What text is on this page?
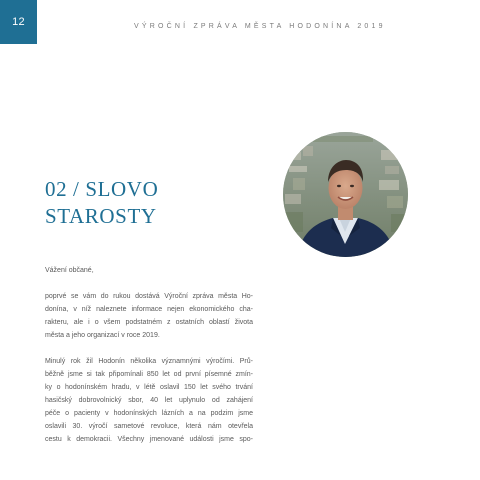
12	VÝROČNÍ ZPRÁVA MĚSTA HODONÍNA 2019
02 / SLOVO
STAROSTY

Vážení občané,

poprvé se vám do rukou dostává Výroční zpráva města Ho-
donína, v níž naleznete informace nejen ekonomického cha-
rakteru, ale i o všem podstatném z ostatních oblastí života
města a jeho organizací v roce 2019.
Minulý rok žil Hodonín několika významnými výročími. Prů-
běžně jsme si tak připomínali 850 let od první písemné zmín-
ky o hodonínském hradu, v létě oslavil 150 let svého trvání
hasičský dobrovolnický sbor, 40 let uplynulo od zahájení
péče o pacienty v hodonínských lázních a na podzim jsme
oslavili 30. výročí sametové revoluce, která nám otevřela
cestu k demokracii. Všechny jmenované události jsme spo-
